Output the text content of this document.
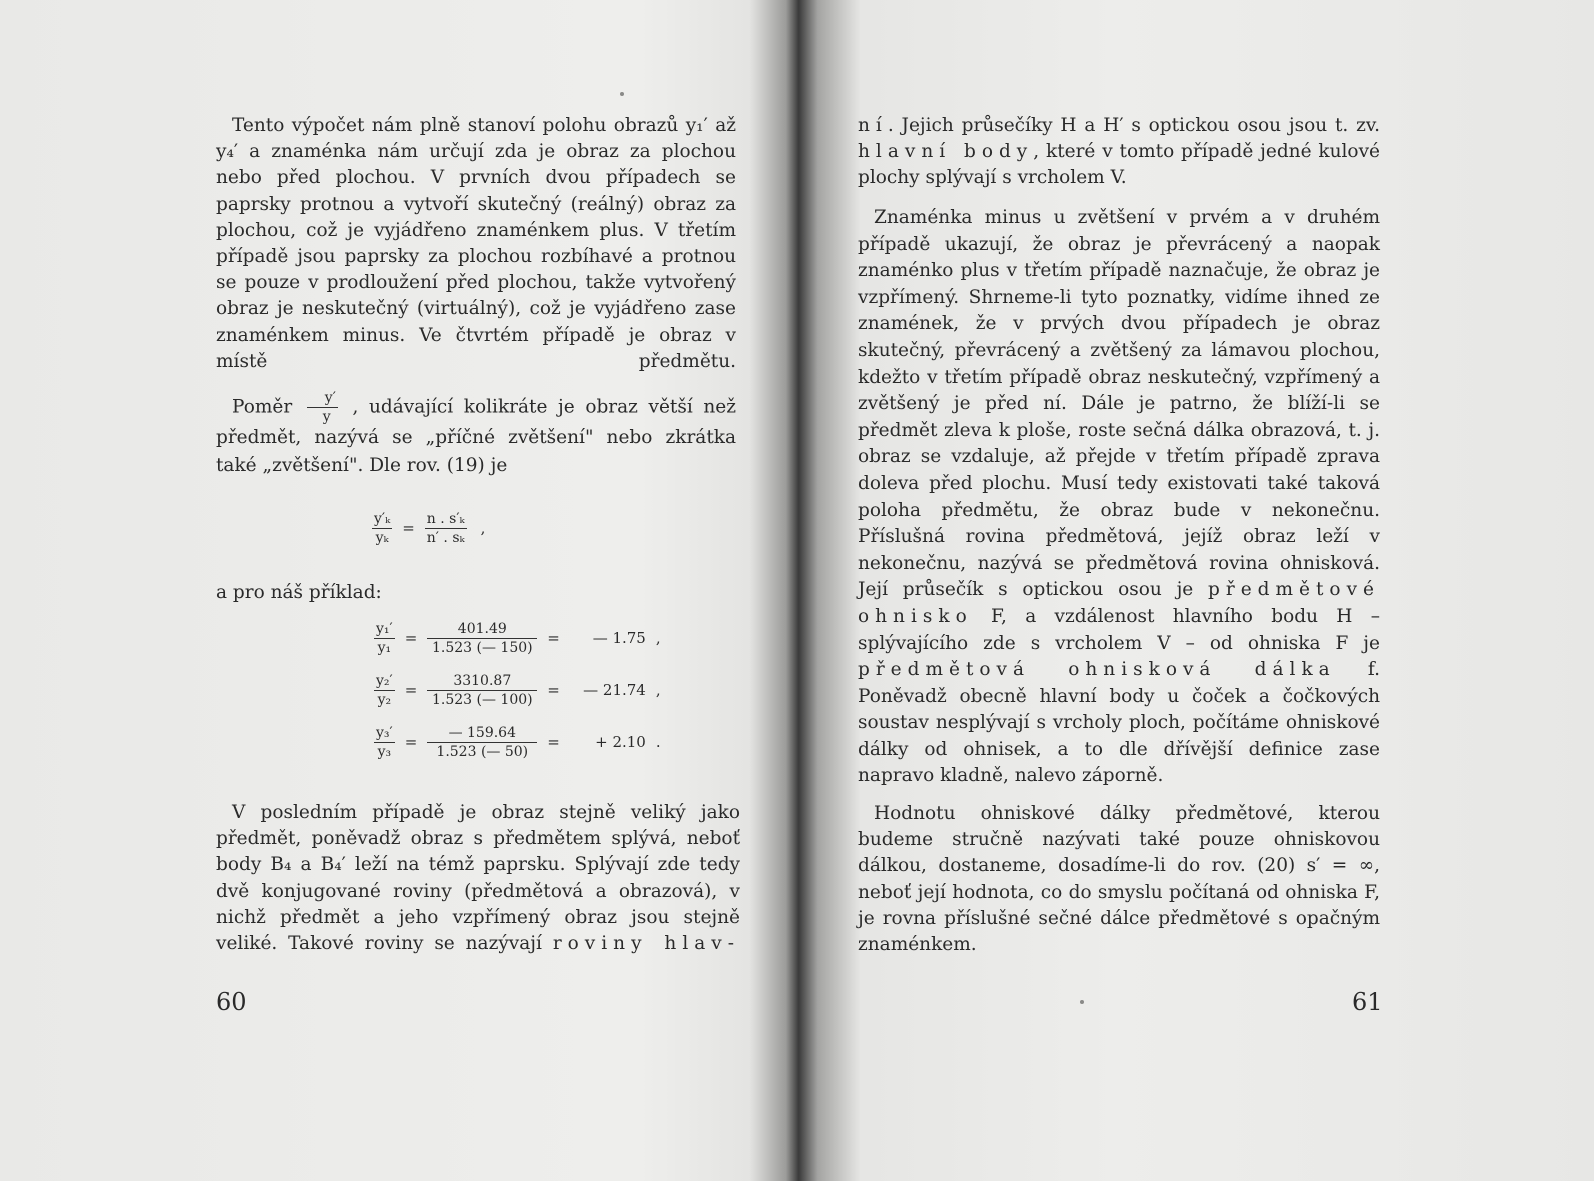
Tento výpočet nám plně stanoví polohu obrazů y₁′ až y₄′ a znaménka nám určují zda je obraz za plochou nebo před plochou. V prvních dvou případech se paprsky protnou a vytvoří skutečný (reálný) obraz za plochou, což je vyjádřeno znaménkem plus. V třetím případě jsou paprsky za plochou rozbíhavé a protnou se pouze v prodloužení před plochou, takže vytvořený obraz je neskutečný (virtuálný), což je vyjádřeno zase znaménkem minus. Ve čtvrtém případě je obraz v místě předmětu.

Poměr $\frac{y'}{y}$ , udávající kolikráte je obraz větší než předmět, nazývá se „příčné zvětšení" nebo zkrátka také „zvětšení". Dle rov. (19) je

$\frac{\text{y′ₖ}}{\text{yₖ}} = \frac{\text{n . s′ₖ}}{\text{n′ . sₖ}}$ ,

a pro náš příklad:

$\frac{\text{y₁′}}{\text{y₁}} = \frac{401.49}{1.523 (— 150)}$ =	— 1.75 ,
$\frac{\text{y₂′}}{\text{y₂}} = \frac{3310.87}{1.523 (— 100)}$ =	— 21.74 ,
$\frac{\text{y₃′}}{\text{y₃}} = \frac{— 159.64}{1.523 (— 50)}$ =	+ 2.10 .

V posledním případě je obraz stejně veliký jako předmět, poněvadž obraz s předmětem splývá, neboť body B₄ a B₄′ leží na témž paprsku. Splývají zde tedy dvě konjugované roviny (předmětová a obrazová), v nichž předmět a jeho vzpřímený obraz jsou stejně veliké. Takové roviny se nazývají roviny hlav-

60

ní. Jejich průsečíky H a H′ s optickou osou jsou t. zv. hlavní body, které v tomto případě jedné kulové plochy splývají s vrcholem V.

Znaménka minus u zvětšení v prvém a v druhém případě ukazují, že obraz je převrácený a naopak znaménko plus v třetím případě naznačuje, že obraz je vzpřímený. Shrneme-li tyto poznatky, vidíme ihned ze znamének, že v prvých dvou případech je obraz skutečný, převrácený a zvětšený za lámavou plochou, kdežto v třetím případě obraz neskutečný, vzpřímený a zvětšený je před ní. Dále je patrno, že blíží-li se předmět zleva k ploše, roste sečná dálka obrazová, t. j. obraz se vzdaluje, až přejde v třetím případě zprava doleva před plochu. Musí tedy existovati také taková poloha předmětu, že obraz bude v nekonečnu. Příslušná rovina předmětová, jejíž obraz leží v nekonečnu, nazývá se předmětová rovina ohnisková. Její průsečík s optickou osou je předmětové ohnisko F, a vzdálenost hlavního bodu H – splývajícího zde s vrcholem V – od ohniska F je předmětová ohnisková dálka f. Poněvadž obecně hlavní body u čoček a čočkových soustav nesplývají s vrcholy ploch, počítáme ohniskové dálky od ohnisek, a to dle dřívější definice zase napravo kladně, nalevo záporně.

Hodnotu ohniskové dálky předmětové, kterou budeme stručně nazývati také pouze ohniskovou dálkou, dostaneme, dosadíme-li do rov. (20) s′ = ∞, neboť její hodnota, co do smyslu počítaná od ohniska F, je rovna příslušné sečné dálce předmětové s opačným znaménkem.

61
